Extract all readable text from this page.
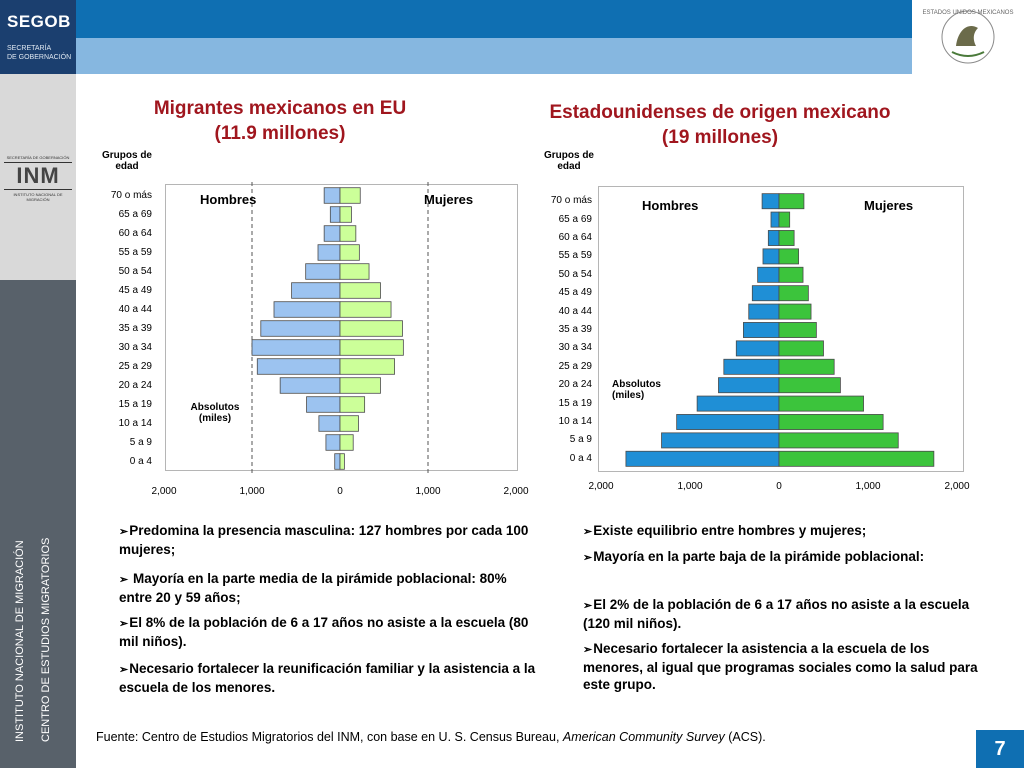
SEGOB
SECRETARÍA
DE GOBERNACIÓN
ESTADOS UNIDOS MEXICANOS
SECRETARÍA DE GOBERNACIÓN
INM
INSTITUTO NACIONAL DE MIGRACIÓN
INSTITUTO NACIONAL DE MIGRACIÓN CENTRO DE ESTUDIOS MIGRATORIOS
Migrantes mexicanos en EU
(11.9 millones)
Estadounidenses de origen mexicano
(19 millones)
Grupos de edad
Hombres	Mujeres
Absolutos (miles)
70 o más
65 a 69
60 a 64
55 a 59
50 a 54
45 a 49
40 a 44
35 a 39
30 a 34
25 a 29
20 a 24
15 a 19
10 a 14
5 a 9
0 a 4
2,000	1,000	0	1,000	2,000
Grupos de edad
Hombres	Mujeres
Absolutos (miles)
70 o más
65 a 69
60 a 64
55 a 59
50 a 54
45 a 49
40 a 44
35 a 39
30 a 34
25 a 29
20 a 24
15 a 19
10 a 14
5 a 9
0 a 4
2,000	1,000	0	1,000	2,000
➢Predomina la presencia masculina: 127 hombres por cada 100 mujeres;
➢ Mayoría en la parte media de la pirámide poblacional: 80% entre 20 y 59 años;
➢El 8% de la población de 6 a 17 años no asiste a la escuela (80 mil niños).
➢Necesario fortalecer la reunificación familiar y la asistencia a la escuela de los menores.
➢Existe equilibrio entre hombres y mujeres;
➢Mayoría en la parte baja de la pirámide poblacional:
➢El 2% de la población de 6 a 17 años no asiste a la escuela (120 mil niños).
➢Necesario fortalecer la asistencia a la escuela de los menores, al igual que programas sociales como la salud para este grupo.
Fuente: Centro de Estudios Migratorios del INM, con base en U. S. Census Bureau, American Community Survey (ACS).
7
